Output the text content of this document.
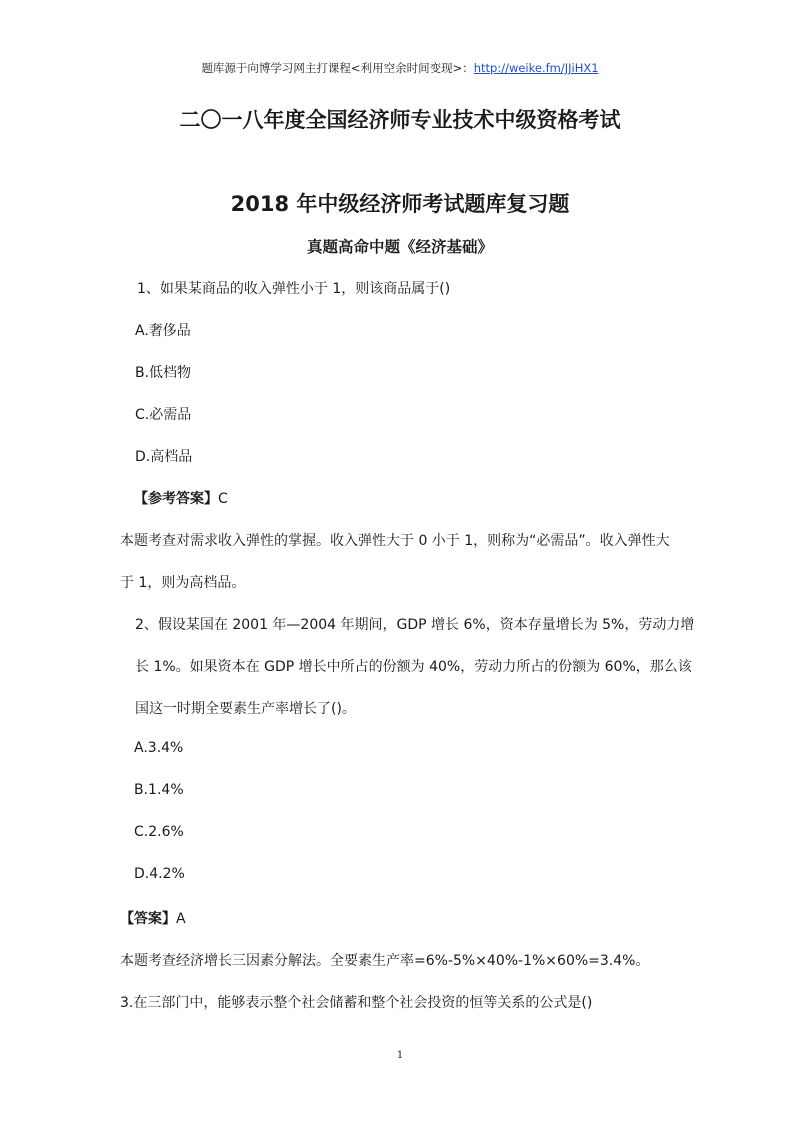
题库源于向博学习网主打课程<利用空余时间变现>：http://weike.fm/JJiHX1
二〇一八年度全国经济师专业技术中级资格考试
2018 年中级经济师考试题库复习题
真题高命中题《经济基础》
1、如果某商品的收入弹性小于 1，则该商品属于()
A.奢侈品
B.低档物
C.必需品
D.高档品
【参考答案】C
本题考查对需求收入弹性的掌握。收入弹性大于 0 小于 1，则称为“必需品”。收入弹性大
于 1，则为高档品。
2、假设某国在 2001 年—2004 年期间，GDP 增长 6%，资本存量增长为 5%，劳动力增
长 1%。如果资本在 GDP 增长中所占的份额为 40%，劳动力所占的份额为 60%，那么该
国这一时期全要素生产率增长了()。
A.3.4%
B.1.4%
C.2.6%
D.4.2%
【答案】A
本题考查经济增长三因素分解法。全要素生产率=6%-5%×40%-1%×60%=3.4%。
3.在三部门中，能够表示整个社会储蓄和整个社会投资的恒等关系的公式是()
1
